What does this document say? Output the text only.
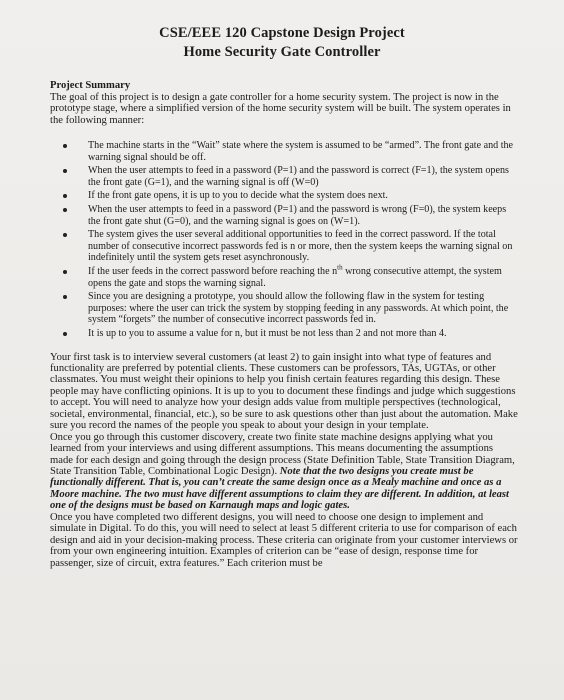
CSE/EEE 120 Capstone Design Project
Home Security Gate Controller
Project Summary

The goal of this project is to design a gate controller for a home security system. The project is now in the prototype stage, where a simplified version of the home security system will be built. The system operates in the following manner:

The machine starts in the “Wait” state where the system is assumed to be “armed”. The front gate and the warning signal should be off.
When the user attempts to feed in a password (P=1) and the password is correct (F=1), the system opens the front gate (G=1), and the warning signal is off (W=0)
If the front gate opens, it is up to you to decide what the system does next.
When the user attempts to feed in a password (P=1) and the password is wrong (F=0), the system keeps the front gate shut (G=0), and the warning signal is goes on (W=1).
The system gives the user several additional opportunities to feed in the correct password. If the total number of consecutive incorrect passwords fed is n or more, then the system keeps the warning signal on indefinitely until the system gets reset asynchronously.
If the user feeds in the correct password before reaching the $n^{th}$ wrong consecutive attempt, the system opens the gate and stops the warning signal.
Since you are designing a prototype, you should allow the following flaw in the system for testing purposes: where the user can trick the system by stopping feeding in any passwords. At which point, the system “forgets” the number of consecutive incorrect passwords fed in.
It is up to you to assume a value for n, but it must be not less than 2 and not more than 4.

Your first task is to interview several customers (at least 2) to gain insight into what type of features and functionality are preferred by potential clients. These customers can be professors, TAs, UGTAs, or other classmates. You must weight their opinions to help you finish certain features regarding this design. These people may have conflicting opinions. It is up to you to document these findings and judge which suggestions to accept. You will need to analyze how your design adds value from multiple perspectives (technological, societal, environmental, financial, etc.), so be sure to ask questions other than just about the automation. Make sure you record the names of the people you speak to about your design in your template.

Once you go through this customer discovery, create two finite state machine designs applying what you learned from your interviews and using different assumptions. This means documenting the assumptions made for each design and going through the design process (State Definition Table, State Transition Diagram, State Transition Table, Combinational Logic Design). Note that the two designs you create must be functionally different. That is, you can’t create the same design once as a Mealy machine and once as a Moore machine. The two must have different assumptions to claim they are different. In addition, at least one of the designs must be based on Karnaugh maps and logic gates.

Once you have completed two different designs, you will need to choose one design to implement and simulate in Digital. To do this, you will need to select at least 5 different criteria to use for comparison of each design and aid in your decision-making process. These criteria can originate from your customer interviews or from your own engineering intuition. Examples of criterion can be “ease of design, response time for passenger, size of circuit, extra features.” Each criterion must be
